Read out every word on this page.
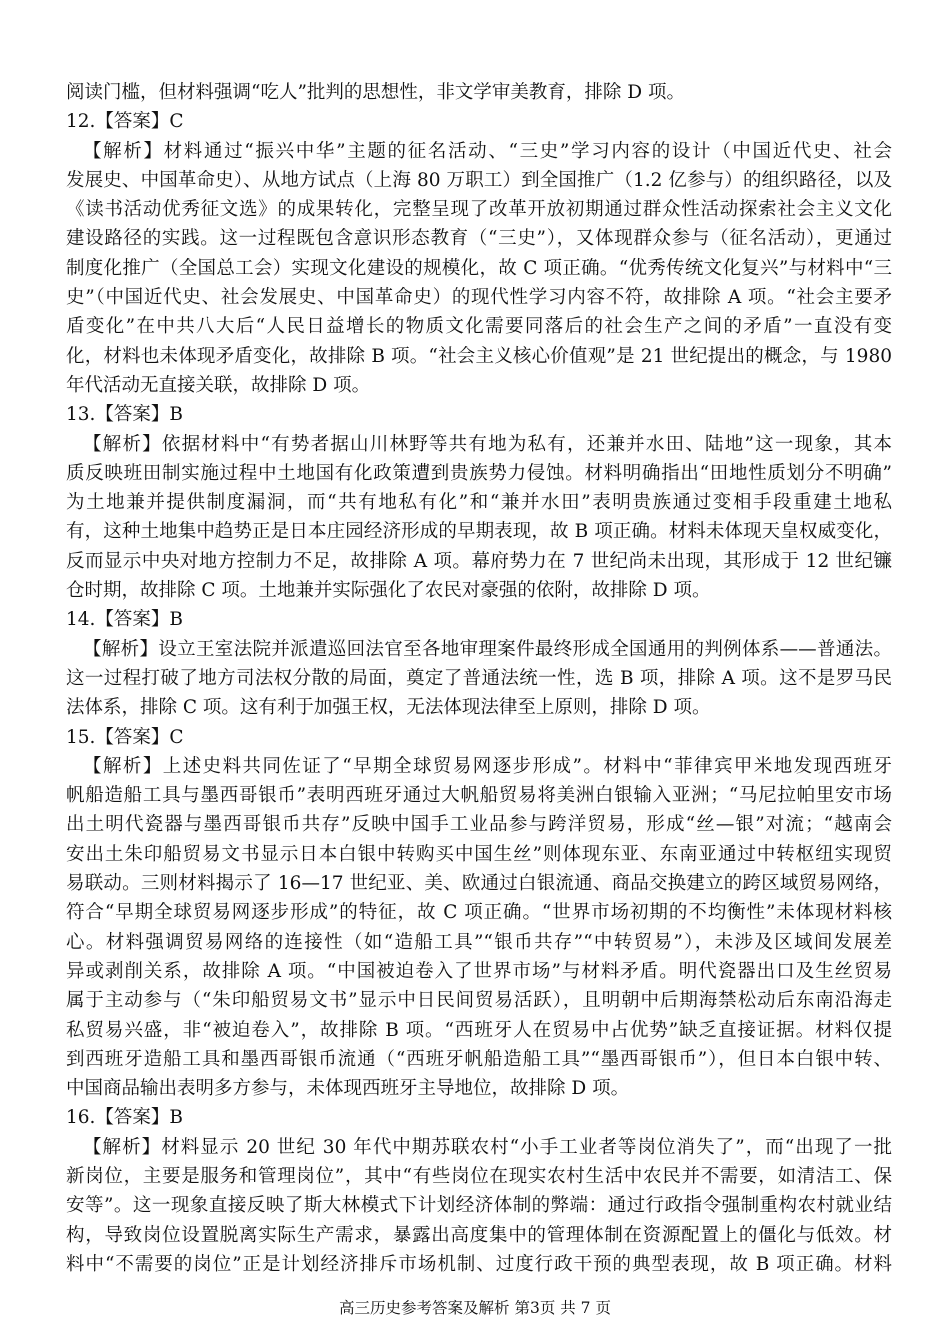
阅读门槛，但材料强调“吃人”批判的思想性，非文学审美教育，排除 D 项。
12.【答案】C
【解析】材料通过“振兴中华”主题的征名活动、“三史”学习内容的设计（中国近代史、社会
发展史、中国革命史）、从地方试点（上海 80 万职工）到全国推广（1.2 亿参与）的组织路径，以及
《读书活动优秀征文选》的成果转化，完整呈现了改革开放初期通过群众性活动探索社会主义文化
建设路径的实践。这一过程既包含意识形态教育（“三史”），又体现群众参与（征名活动），更通过
制度化推广（全国总工会）实现文化建设的规模化，故 C 项正确。“优秀传统文化复兴”与材料中“三
史”（中国近代史、社会发展史、中国革命史）的现代性学习内容不符，故排除 A 项。“社会主要矛
盾变化”在中共八大后“人民日益增长的物质文化需要同落后的社会生产之间的矛盾”一直没有变
化，材料也未体现矛盾变化，故排除 B 项。“社会主义核心价值观”是 21 世纪提出的概念，与 1980
年代活动无直接关联，故排除 D 项。
13.【答案】B
【解析】依据材料中“有势者据山川林野等共有地为私有，还兼并水田、陆地”这一现象，其本
质反映班田制实施过程中土地国有化政策遭到贵族势力侵蚀。材料明确指出“田地性质划分不明确”
为土地兼并提供制度漏洞，而“共有地私有化”和“兼并水田”表明贵族通过变相手段重建土地私
有，这种土地集中趋势正是日本庄园经济形成的早期表现，故 B 项正确。材料未体现天皇权威变化，
反而显示中央对地方控制力不足，故排除 A 项。幕府势力在 7 世纪尚未出现，其形成于 12 世纪镰
仓时期，故排除 C 项。土地兼并实际强化了农民对豪强的依附，故排除 D 项。
14.【答案】B
【解析】设立王室法院并派遣巡回法官至各地审理案件最终形成全国通用的判例体系——普通法。
这一过程打破了地方司法权分散的局面，奠定了普通法统一性，选 B 项，排除 A 项。这不是罗马民
法体系，排除 C 项。这有利于加强王权，无法体现法律至上原则，排除 D 项。
15.【答案】C
【解析】上述史料共同佐证了“早期全球贸易网逐步形成”。材料中“菲律宾甲米地发现西班牙
帆船造船工具与墨西哥银币”表明西班牙通过大帆船贸易将美洲白银输入亚洲；“马尼拉帕里安市场
出土明代瓷器与墨西哥银币共存”反映中国手工业品参与跨洋贸易，形成“丝—银”对流；“越南会
安出土朱印船贸易文书显示日本白银中转购买中国生丝”则体现东亚、东南亚通过中转枢纽实现贸
易联动。三则材料揭示了 16—17 世纪亚、美、欧通过白银流通、商品交换建立的跨区域贸易网络，
符合“早期全球贸易网逐步形成”的特征，故 C 项正确。“世界市场初期的不均衡性”未体现材料核
心。材料强调贸易网络的连接性（如“造船工具”“银币共存”“中转贸易”），未涉及区域间发展差
异或剥削关系，故排除 A 项。“中国被迫卷入了世界市场”与材料矛盾。明代瓷器出口及生丝贸易
属于主动参与（“朱印船贸易文书”显示中日民间贸易活跃），且明朝中后期海禁松动后东南沿海走
私贸易兴盛，非“被迫卷入”，故排除 B 项。“西班牙人在贸易中占优势”缺乏直接证据。材料仅提
到西班牙造船工具和墨西哥银币流通（“西班牙帆船造船工具”“墨西哥银币”），但日本白银中转、
中国商品输出表明多方参与，未体现西班牙主导地位，故排除 D 项。
16.【答案】B
【解析】材料显示 20 世纪 30 年代中期苏联农村“小手工业者等岗位消失了”，而“出现了一批
新岗位，主要是服务和管理岗位”，其中“有些岗位在现实农村生活中农民并不需要，如清洁工、保
安等”。这一现象直接反映了斯大林模式下计划经济体制的弊端：通过行政指令强制重构农村就业结
构，导致岗位设置脱离实际生产需求，暴露出高度集中的管理体制在资源配置上的僵化与低效。材
料中“不需要的岗位”正是计划经济排斥市场机制、过度行政干预的典型表现，故 B 项正确。材料
高三历史参考答案及解析 第3页 共 7 页
